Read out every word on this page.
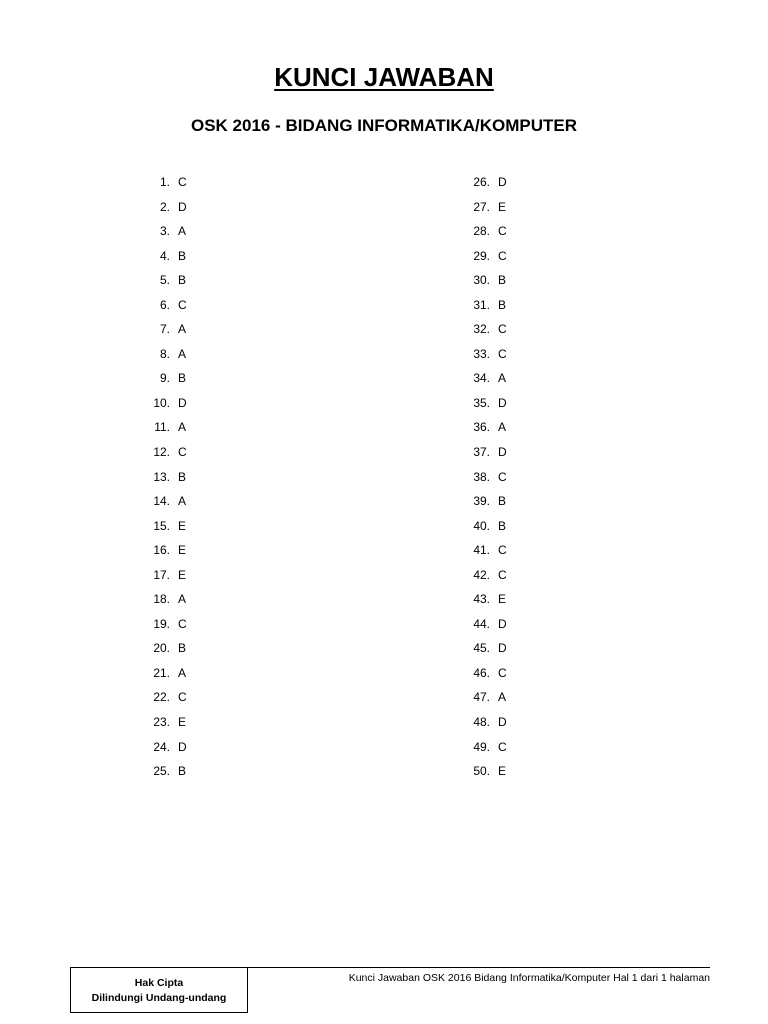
KUNCI JAWABAN
OSK 2016 - BIDANG INFORMATIKA/KOMPUTER
1. C
2. D
3. A
4. B
5. B
6. C
7. A
8. A
9. B
10. D
11. A
12. C
13. B
14. A
15. E
16. E
17. E
18. A
19. C
20. B
21. A
22. C
23. E
24. D
25. B
26. D
27. E
28. C
29. C
30. B
31. B
32. C
33. C
34. A
35. D
36. A
37. D
38. C
39. B
40. B
41. C
42. C
43. E
44. D
45. D
46. C
47. A
48. D
49. C
50. E
Hak Cipta
Dilindungi Undang-undang
Kunci Jawaban OSK 2016 Bidang Informatika/Komputer Hal 1 dari 1 halaman
